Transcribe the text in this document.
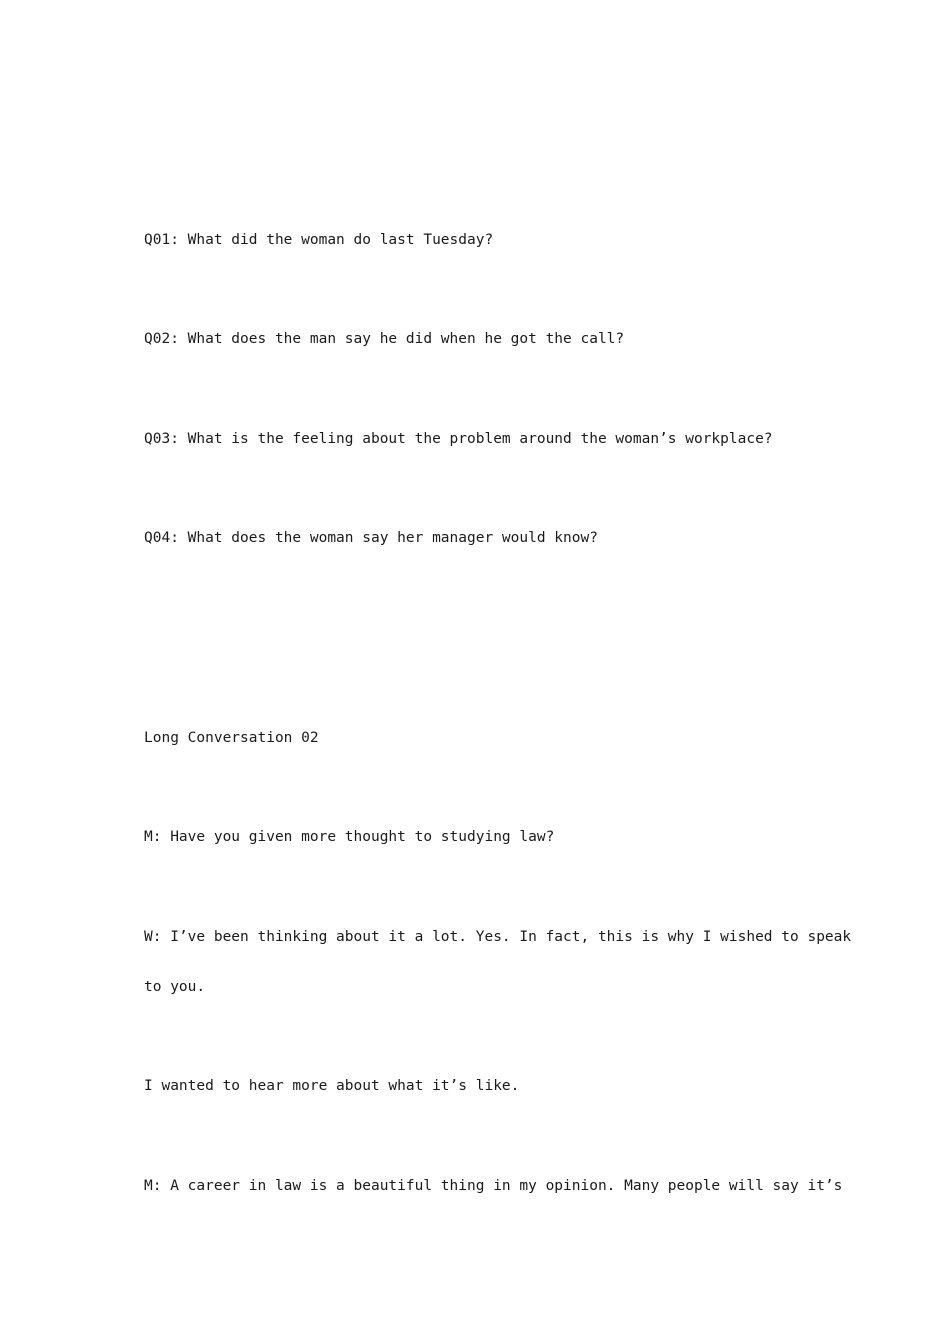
Q01: What did the woman do last Tuesday?

Q02: What does the man say he did when he got the call?

Q03: What is the feeling about the problem around the woman’s workplace?

Q04: What does the woman say her manager would know?

Long Conversation 02

M: Have you given more thought to studying law?

W: I’ve been thinking about it a lot. Yes. In fact, this is why I wished to speak

to you.

I wanted to hear more about what it’s like.

M: A career in law is a beautiful thing in my opinion. Many people will say it’s
